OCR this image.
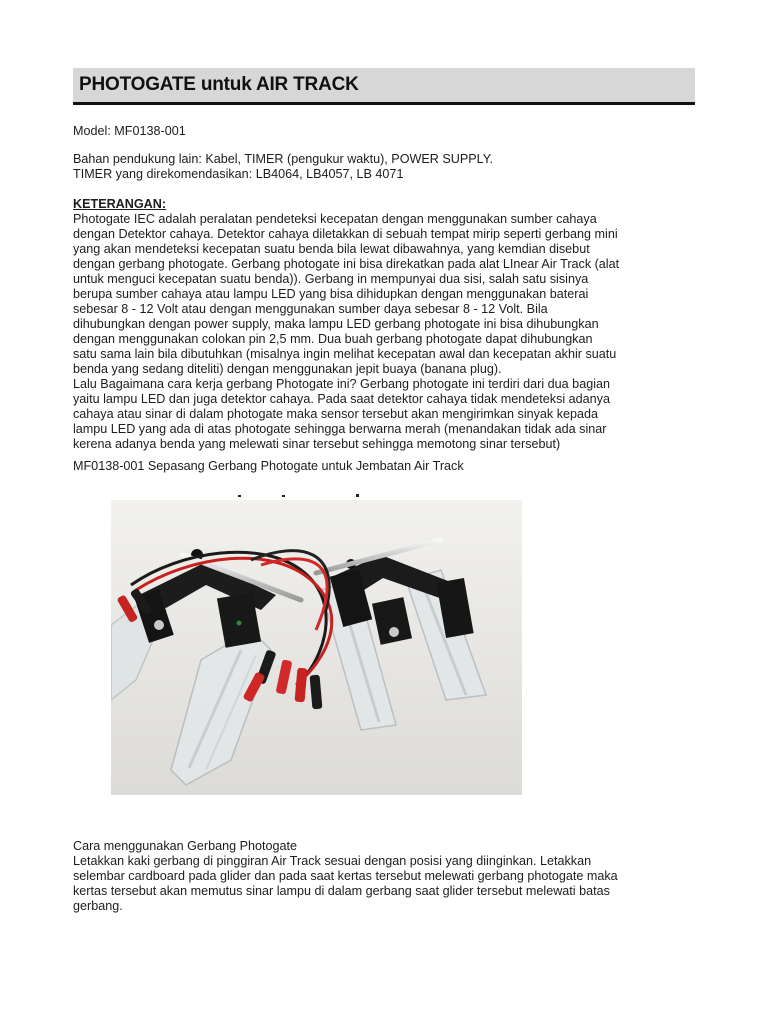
PHOTOGATE untuk AIR TRACK

Model: MF0138-001

Bahan pendukung lain: Kabel, TIMER (pengukur waktu), POWER SUPPLY.

TIMER yang direkomendasikan: LB4064, LB4057, LB 4071

KETERANGAN:

Photogate IEC adalah peralatan pendeteksi kecepatan dengan menggunakan sumber cahaya
dengan Detektor cahaya. Detektor cahaya diletakkan di sebuah tempat mirip seperti gerbang mini
yang akan mendeteksi kecepatan suatu benda bila lewat dibawahnya, yang kemdian disebut
dengan gerbang photogate. Gerbang photogate ini bisa direkatkan pada alat LInear Air Track (alat
untuk menguci kecepatan suatu benda)). Gerbang in mempunyai dua sisi, salah satu sisinya
berupa sumber cahaya atau lampu LED yang bisa dihidupkan dengan menggunakan baterai
sebesar 8 - 12 Volt atau dengan menggunakan sumber daya sebesar 8 - 12 Volt. Bila
dihubungkan dengan power supply, maka lampu LED gerbang photogate ini bisa dihubungkan
dengan menggunakan colokan pin 2,5 mm. Dua buah gerbang photogate dapat dihubungkan
satu sama lain bila dibutuhkan (misalnya ingin melihat kecepatan awal dan kecepatan akhir suatu
benda yang sedang diteliti) dengan menggunakan jepit buaya (banana plug).

Lalu Bagaimana cara kerja gerbang Photogate ini? Gerbang photogate ini terdiri dari dua bagian
yaitu lampu LED dan juga detektor cahaya. Pada saat detektor cahaya tidak mendeteksi adanya
cahaya atau sinar di dalam photogate maka sensor tersebut akan mengirimkan sinyak kepada
lampu LED yang ada di atas photogate sehingga berwarna merah (menandakan tidak ada sinar
kerena adanya benda yang melewati sinar tersebut sehingga memotong sinar tersebut)

MF0138-001 Sepasang Gerbang Photogate untuk Jembatan Air Track

Cara menggunakan Gerbang Photogate

Letakkan kaki gerbang di pinggiran Air Track sesuai dengan posisi yang diinginkan. Letakkan
selembar cardboard pada glider dan pada saat kertas tersebut melewati gerbang photogate maka
kertas tersebut akan memutus sinar lampu di dalam gerbang saat glider tersebut melewati batas
gerbang.
